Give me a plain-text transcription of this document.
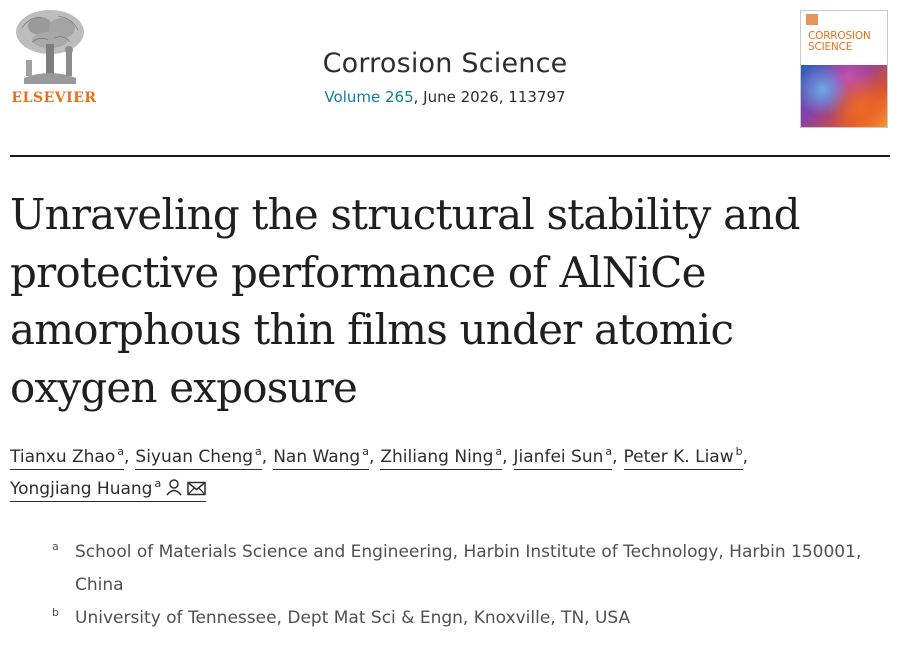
ELSEVIER
Corrosion Science
Volume 265, June 2026, 113797
CORROSION
SCIENCE
Unraveling the structural stability and protective performance of AlNiCe amorphous thin films under atomic oxygen exposure
Tianxu Zhao $^a$, Siyuan Cheng $^a$, Nan Wang $^a$, Zhiliang Ning $^a$, Jianfei Sun $^a$, Peter K. Liaw $^b$,
Yongjiang Huang $^a$
a School of Materials Science and Engineering, Harbin Institute of Technology, Harbin 150001, China
b University of Tennessee, Dept Mat Sci & Engn, Knoxville, TN, USA
